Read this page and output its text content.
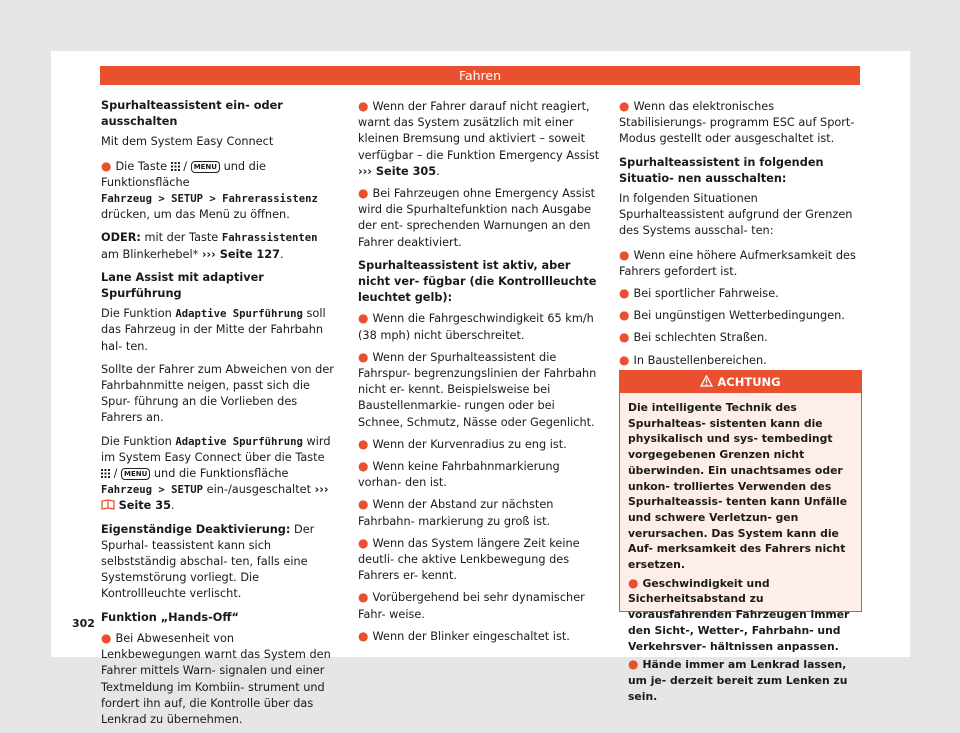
Fahren

Spurhalteassistent ein- oder ausschalten

Mit dem System Easy Connect

● Die Taste / MENU und die Funktionsfläche
Fahrzeug > SETUP > Fahrerassistenz
drücken, um das Menü zu öffnen.

ODER: mit der Taste Fahrassistenten am Blinkerhebel* ››› Seite 127.

Lane Assist mit adaptiver Spurführung

Die Funktion Adaptive Spurführung soll das Fahrzeug in der Mitte der Fahrbahn hal- ten.

Sollte der Fahrer zum Abweichen von der Fahrbahnmitte neigen, passt sich die Spur- führung an die Vorlieben des Fahrers an.

Die Funktion Adaptive Spurführung wird im System Easy Connect über die Taste  / MENU und die Funktionsfläche Fahrzeug > SETUP ein-/ausgeschaltet ›››  Seite 35.

Eigenständige Deaktivierung: Der Spurhal- teassistent kann sich selbstständig abschal- ten, falls eine Systemstörung vorliegt. Die Kontrollleuchte verlischt.

Funktion „Hands-Off“

● Bei Abwesenheit von Lenkbewegungen warnt das System den Fahrer mittels Warn- signalen und einer Textmeldung im Kombiin- strument und fordert ihn auf, die Kontrolle über das Lenkrad zu übernehmen.

● Wenn der Fahrer darauf nicht reagiert, warnt das System zusätzlich mit einer kleinen Bremsung und aktiviert – soweit verfügbar – die Funktion Emergency Assist ››› Seite 305.

● Bei Fahrzeugen ohne Emergency Assist wird die Spurhaltefunktion nach Ausgabe der ent- sprechenden Warnungen an den Fahrer deaktiviert.

Spurhalteassistent ist aktiv, aber nicht ver- fügbar (die Kontrollleuchte leuchtet gelb):

● Wenn die Fahrgeschwindigkeit 65 km/h (38 mph) nicht überschreitet.

● Wenn der Spurhalteassistent die Fahrspur- begrenzungslinien der Fahrbahn nicht er- kennt. Beispielsweise bei Baustellenmarkie- rungen oder bei Schnee, Schmutz, Nässe oder Gegenlicht.

● Wenn der Kurvenradius zu eng ist.

● Wenn keine Fahrbahnmarkierung vorhan- den ist.

● Wenn der Abstand zur nächsten Fahrbahn- markierung zu groß ist.

● Wenn das System längere Zeit keine deutli- che aktive Lenkbewegung des Fahrers er- kennt.

● Vorübergehend bei sehr dynamischer Fahr- weise.

● Wenn der Blinker eingeschaltet ist.

● Wenn das elektronisches Stabilisierungs- programm ESC auf Sport-Modus gestellt oder ausgeschaltet ist.

Spurhalteassistent in folgenden Situatio- nen ausschalten:

In folgenden Situationen Spurhalteassistent aufgrund der Grenzen des Systems ausschal- ten:

● Wenn eine höhere Aufmerksamkeit des Fahrers gefordert ist.

● Bei sportlicher Fahrweise.

● Bei ungünstigen Wetterbedingungen.

● Bei schlechten Straßen.

● In Baustellenbereichen.

ACHTUNG

Die intelligente Technik des Spurhalteas- sistenten kann die physikalisch und sys- tembedingt vorgegebenen Grenzen nicht überwinden. Ein unachtsames oder unkon- trolliertes Verwenden des Spurhalteassis- tenten kann Unfälle und schwere Verletzun- gen verursachen. Das System kann die Auf- merksamkeit des Fahrers nicht ersetzen.

● Geschwindigkeit und Sicherheitsabstand zu vorausfahrenden Fahrzeugen immer den Sicht-, Wetter-, Fahrbahn- und Verkehrsver- hältnissen anpassen.

● Hände immer am Lenkrad lassen, um je- derzeit bereit zum Lenken zu sein.

302
